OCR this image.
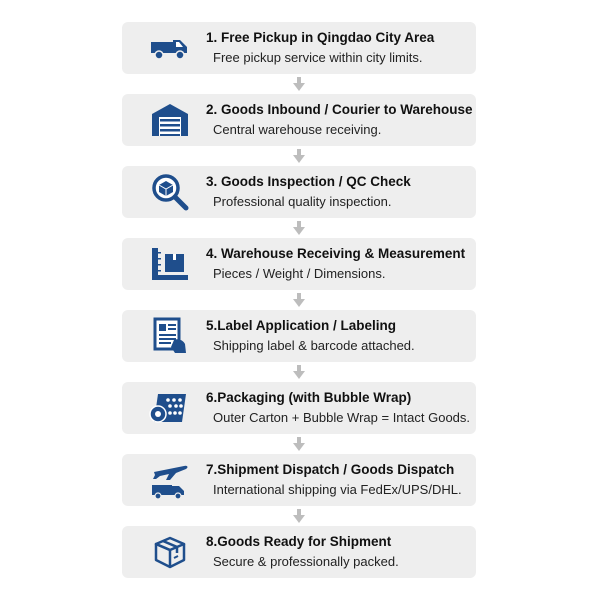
1. Free Pickup in Qingdao City Area
Free pickup service within city limits.
2. Goods Inbound / Courier to Warehouse
Central warehouse receiving.
3. Goods Inspection / QC Check
Professional quality inspection.
4. Warehouse Receiving & Measurement
Pieces / Weight / Dimensions.
5.Label Application / Labeling
Shipping label & barcode attached.
6.Packaging (with Bubble Wrap)
Outer Carton + Bubble Wrap = Intact Goods.
7.Shipment Dispatch / Goods Dispatch
International shipping via FedEx/UPS/DHL.
8.Goods Ready for Shipment
Secure & professionally packed.
